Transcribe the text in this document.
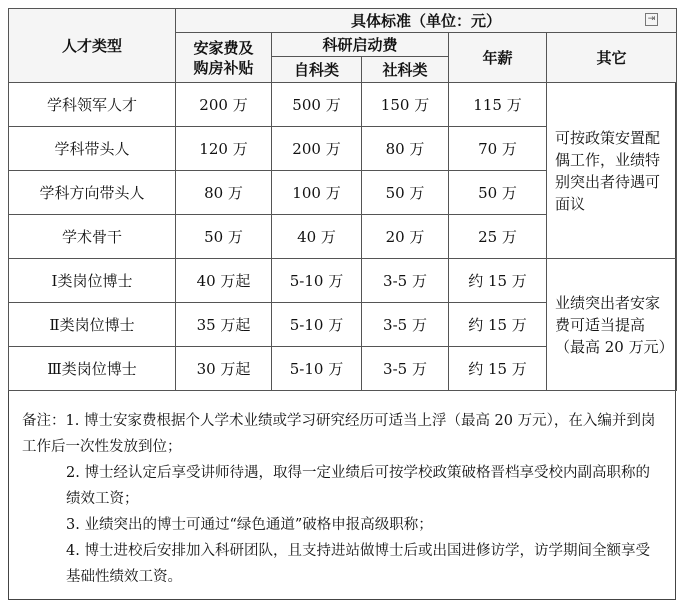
人才类型	具体标准（单位：元）				
	安家费及
购房补贴	科研启动费		年薪	其它
		自科类	社科类		
学科领军人才	200 万	500 万	150 万	115 万	可按政策安置配偶工作，业绩特别突出者待遇可面议
学科带头人	120 万	200 万	80 万	70 万	
学科方向带头人	80 万	100 万	50 万	50 万	
学术骨干	50 万	40 万	20 万	25 万	
Ⅰ类岗位博士	40 万起	5-10 万	3-5 万	约 15 万	业绩突出者安家费可适当提高（最高 20 万元）
Ⅱ类岗位博士	35 万起	5-10 万	3-5 万	约 15 万	
Ⅲ类岗位博士	30 万起	5-10 万	3-5 万	约 15 万	
⇥

备注：1. 博士安家费根据个人学术业绩或学习研究经历可适当上浮（最高 20 万元），在入编并到岗工作后一次性发放到位；

2. 博士经认定后享受讲师待遇，取得一定业绩后可按学校政策破格晋档享受校内副高职称的绩效工资；

3. 业绩突出的博士可通过“绿色通道”破格申报高级职称；

4. 博士进校后安排加入科研团队，且支持进站做博士后或出国进修访学，访学期间全额享受基础性绩效工资。
